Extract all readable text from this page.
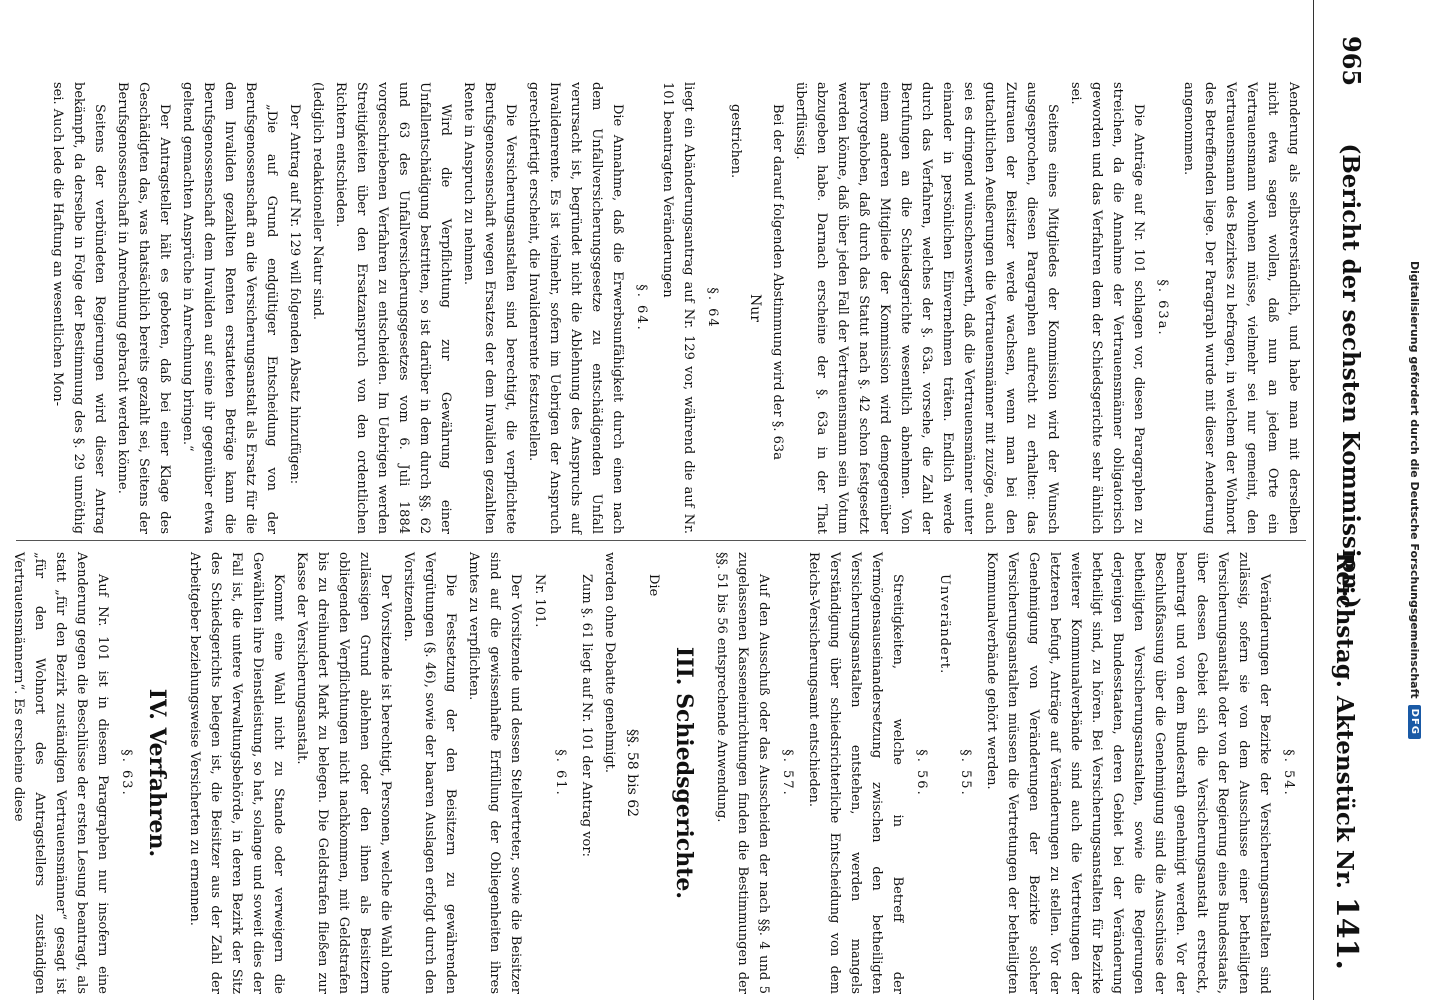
965
(Bericht der sechsten Kommission.)
Reichstag. Aktenstück Nr. 141.

Aenderung als selbstverständlich, und habe man mit derselben nicht etwa sagen wollen, daß nun an jedem Orte ein Vertrauensmann wohnen müsse, vielmehr sei nur gemeint, den Vertrauensmann des Bezirkes zu befragen, in welchem der Wohnort des Betreffenden liege. Der Paragraph wurde mit dieser Aenderung angenommen.

§. 63a.

Die Anträge auf Nr. 101 schlagen vor, diesen Paragraphen zu streichen, da die Annahme der Vertrauensmänner obligatorisch geworden und das Verfahren dem der Schiedsgerichte sehr ähnlich sei.

Seitens eines Mitgliedes der Kommission wird der Wunsch ausgesprochen, diesen Paragraphen aufrecht zu erhalten: das Zutrauen der Beisitzer werde wachsen, wenn man bei den gutachtlichen Aeußerungen die Vertrauensmänner mit zuzöge, auch sei es dringend wünschenswerth, daß die Vertrauensmänner unter einander in persönlichen Einvernehmen träten. Endlich werde durch das Verfahren, welches der §. 63a. vorsehe, die Zahl der Berufungen an die Schiedsgerichte wesentlich abnehmen. Von einem anderen Mitgliede der Kommission wird demgegenüber hervorgehoben, daß durch das Statut nach §. 42 schon festgesetzt werden könne, daß über jeden Fall der Vertrauensmann sein Votum abzugeben habe. Darnach erscheine der §. 63a in der That überflüssig.

Bei der darauf folgenden Abstimmung wird der §. 63a

Nur

gestrichen.

§. 64

liegt ein Abänderungsantrag auf Nr. 129 vor, während die auf Nr. 101 beantragten Veränderungen

§. 64.

Die Annahme, daß die Erwerbsunfähigkeit durch einen nach dem Unfallversicherungsgesetze zu entschädigenden Unfall verursacht ist, begründet nicht die Ablehnung des Anspruchs auf Invalidenrente. Es ist vielmehr, sofern im Uebrigen der Anspruch gerechtfertigt erscheint, die Invalidenrente festzustellen.

Die Versicherungsanstalten sind berechtigt, die verpflichtete Berufsgenossenschaft wegen Ersatzes der dem Invaliden gezahlten Rente in Anspruch zu nehmen.

Wird die Verpflichtung zur Gewährung einer Unfallentschädigung bestritten, so ist darüber in dem durch §§. 62 und 63 des Unfallversicherungsgesetzes vom 6. Juli 1884 vorgeschriebenen Verfahren zu entscheiden. Im Uebrigen werden Streitigkeiten über den Ersatzanspruch von den ordentlichen Richtern entschieden.

(lediglich redaktioneller Natur sind.

Der Antrag auf Nr. 129 will folgenden Absatz hinzufügen:

„Die auf Grund endgültiger Entscheidung von der Berufsgenossenschaft an die Versicherungsanstalt als Ersatz für die dem Invaliden gezahlten Renten erstatteten Beträge kann die Berufsgenossenschaft dem Invaliden auf seine ihr gegenüber etwa geltend gemachten Ansprüche in Anrechnung bringen.“

Der Antragsteller hält es geboten, daß bei einer Klage des Geschädigten das, was thatsächlich bereits gezahlt sei, Seitens der Berufsgenossenschaft in Anrechnung gebracht werden könne.

Seitens der verbündeten Regierungen wird dieser Antrag bekämpft, da derselbe in Folge der Bestimmung des §. 29 unnöthig sei. Auch lede die Haftung an wesentlichen Mon-

§. 54.

Veränderungen der Bezirke der Versicherungsanstalten sind zulässig, sofern sie von dem Ausschusse einer betheiligten Versicherungsanstalt oder von der Regierung eines Bundesstaats, über dessen Gebiet sich die Versicherungsanstalt erstreckt, beantragt und von dem Bundesrath genehmigt werden. Vor der Beschlußfassung über die Genehmigung sind die Ausschüsse der betheiligten Versicherungsanstalten, sowie die Regierungen derjenigen Bundesstaaten, deren Gebiet bei der Veränderung betheiligt sind, zu hören. Bei Versicherungsanstalten für Bezirke weiterer Kommunalverbände sind auch die Vertretungen der letzteren befugt, Anträge auf Veränderungen zu stellen. Vor der Genehmigung von Veränderungen der Bezirke solcher Versicherungsanstalten müssen die Vertretungen der betheiligten Kommunalverbände gehört werden.

§. 55.

Unverändert.

§. 56.

Streitigkeiten, welche in Betreff der Vermögensauseinandersetzung zwischen den betheiligten Versicherungsanstalten entstehen, werden mangels Verständigung über schiedsrichterliche Entscheidung von dem Reichs-Versicherungsamt entschieden.

§. 57.

Auf den Ausschuß oder das Ausscheiden der nach §§. 4 und 5 zugelassenen Kasseneinrichtungen finden die Bestimmungen der §§. 51 bis 56 entsprechende Anwendung.

III. Schiedsgerichte.

Die

§§. 58 bis 62

werden ohne Debatte genehmigt.

Zum §. 61 liegt auf Nr. 101 der Antrag vor:

§. 61.

Nr. 101.

Der Vorsitzende und dessen Stellvertreter, sowie die Beisitzer sind auf die gewissenhafte Erfüllung der Obliegenheiten ihres Amtes zu verpflichten.

Die Festsetzung der den Beisitzern zu gewährenden Vergütungen (§. 46), sowie der baaren Auslagen erfolgt durch den Vorsitzenden.

Der Vorsitzende ist berechtigt, Personen, welche die Wahl ohne zulässigen Grund ablehnen oder den ihnen als Beisitzern obliegenden Verpflichtungen nicht nachkommen, mit Geldstrafen bis zu dreihundert Mark zu belegen. Die Geldstrafen fließen zur Kasse der Versicherungsanstalt.

Kommt eine Wahl nicht zu Stande oder verweigern die Gewählten ihre Dienstleistung, so hat, solange und soweit dies der Fall ist, die untere Verwaltungsbehörde, in deren Bezirk der Sitz des Schiedsgerichts belegen ist, die Beisitzer aus der Zahl der Arbeitgeber beziehungsweise Versicherten zu ernennen.

IV. Verfahren.
§. 63.

Auf Nr. 101 ist in diesem Paragraphen nur insofern eine Aenderung gegen die Beschlüsse der ersten Lesung beantragt, als statt „für den Bezirk zuständigen Vertrauensmänner“ gesagt ist „für den Wohnort des Antragstellers zuständigen Vertrauensmännern“. Es erscheine diese	Digitalisierung gefördert durch die Deutsche Forschungsgemeinschaft
DFG
